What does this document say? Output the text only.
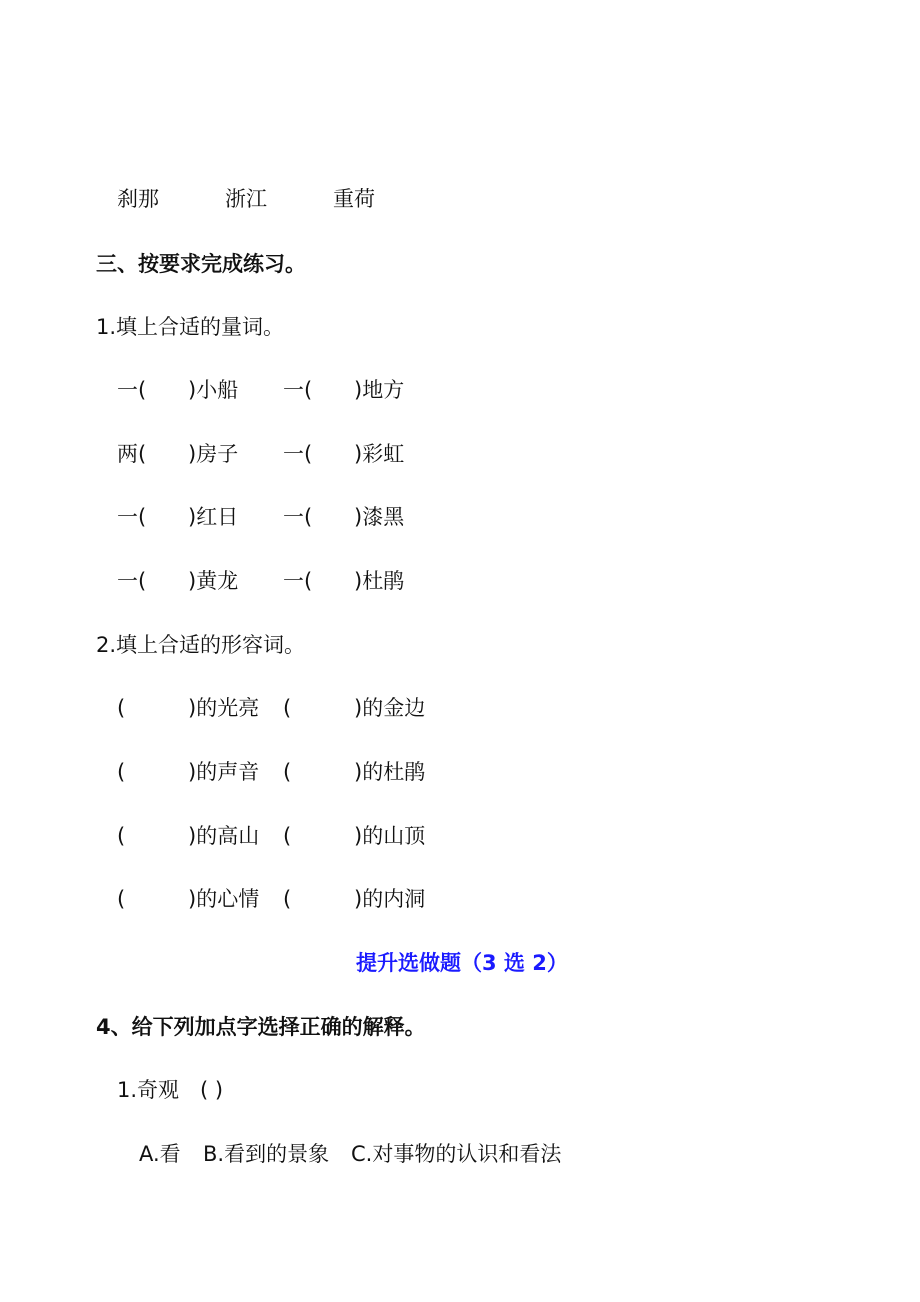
刹那	浙江	重荷
三、按要求完成练习。
1.填上合适的量词。
一( )小船 一( )地方
两( )房子 一( )彩虹
一( )红日 一( )漆黑
一( )黄龙 一( )杜鹃
2.填上合适的形容词。
(	)的光亮 (	)的金边
(	)的声音 (	)的杜鹃
(	)的高山 (	)的山顶
(	)的心情 (	)的内洞
提升选做题（3 选 2）
4、给下列加点字选择正确的解释。
1.奇观 ( )
A.看 B.看到的景象 C.对事物的认识和看法
